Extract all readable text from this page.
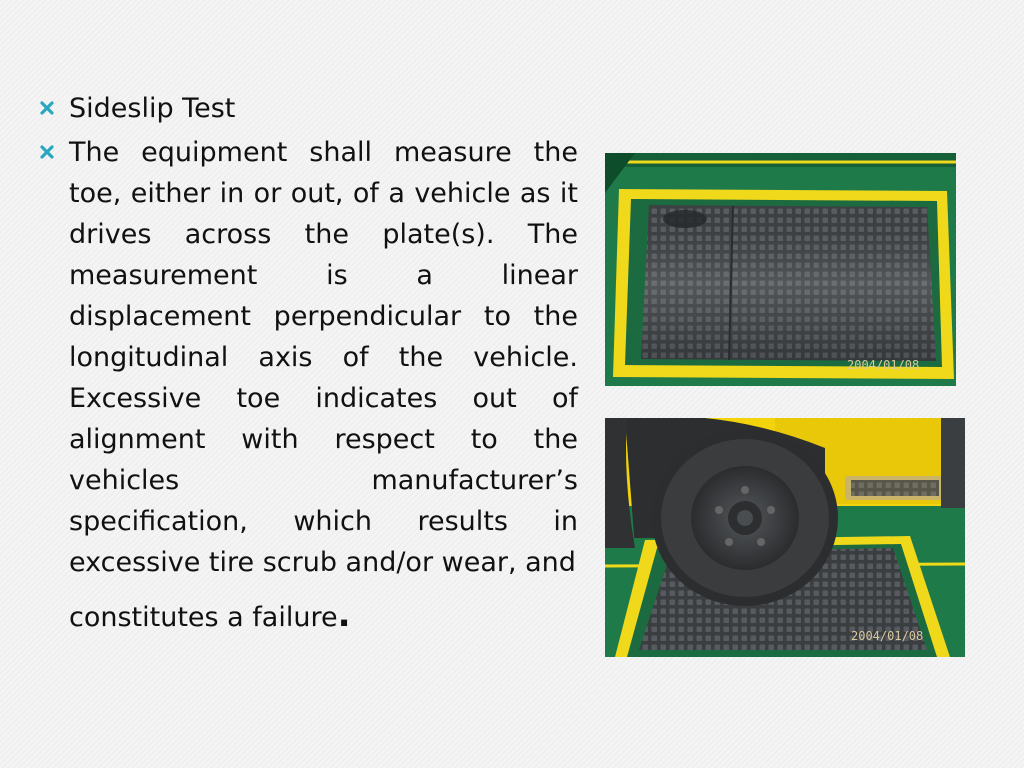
Sideslip Test
The equipment shall measure the toe, either in or out, of a vehicle as it drives across the plate(s). The measurement is a linear displacement perpendicular to the longitudinal axis of the vehicle. Excessive toe indicates out of alignment with respect to the vehicles manufacturer’s specification, which results in excessive tire scrub and/or wear, and
constitutes a failure.
2004/01/08
2004/01/08
